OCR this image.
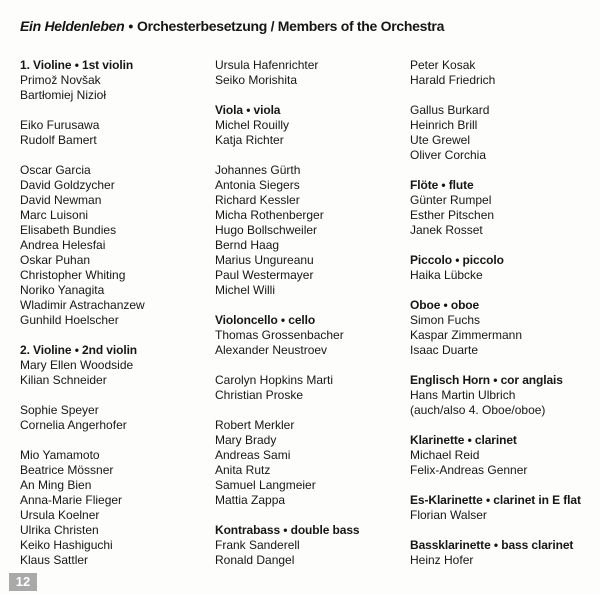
Ein Heldenleben • Orchesterbesetzung / Members of the Orchestra
1. Violine • 1st violin
Primož Novšak
Bartłomiej Nizioł
Eiko Furusawa
Rudolf Bamert
Oscar Garcia
David Goldzycher
David Newman
Marc Luisoni
Elisabeth Bundies
Andrea Helesfai
Oskar Puhan
Christopher Whiting
Noriko Yanagita
Wladimir Astrachanzew
Gunhild Hoelscher
2. Violine • 2nd violin
Mary Ellen Woodside
Kilian Schneider
Sophie Speyer
Cornelia Angerhofer
Mio Yamamoto
Beatrice Mössner
An Ming Bien
Anna-Marie Flieger
Ursula Koelner
Ulrika Christen
Keiko Hashiguchi
Klaus Sattler
Ursula Hafenrichter
Seiko Morishita
Viola • viola
Michel Rouilly
Katja Richter
Johannes Gürth
Antonia Siegers
Richard Kessler
Micha Rothenberger
Hugo Bollschweiler
Bernd Haag
Marius Ungureanu
Paul Westermayer
Michel Willi
Violoncello • cello
Thomas Grossenbacher
Alexander Neustroev
Carolyn Hopkins Marti
Christian Proske
Robert Merkler
Mary Brady
Andreas Sami
Anita Rutz
Samuel Langmeier
Mattia Zappa
Kontrabass • double bass
Frank Sanderell
Ronald Dangel
Peter Kosak
Harald Friedrich
Gallus Burkard
Heinrich Brill
Ute Grewel
Oliver Corchia
Flöte • flute
Günter Rumpel
Esther Pitschen
Janek Rosset
Piccolo • piccolo
Haika Lübcke
Oboe • oboe
Simon Fuchs
Kaspar Zimmermann
Isaac Duarte
Englisch Horn • cor anglais
Hans Martin Ulbrich
(auch/also 4. Oboe/oboe)
Klarinette • clarinet
Michael Reid
Felix-Andreas Genner
Es-Klarinette • clarinet in E flat
Florian Walser
Bassklarinette • bass clarinet
Heinz Hofer
12
